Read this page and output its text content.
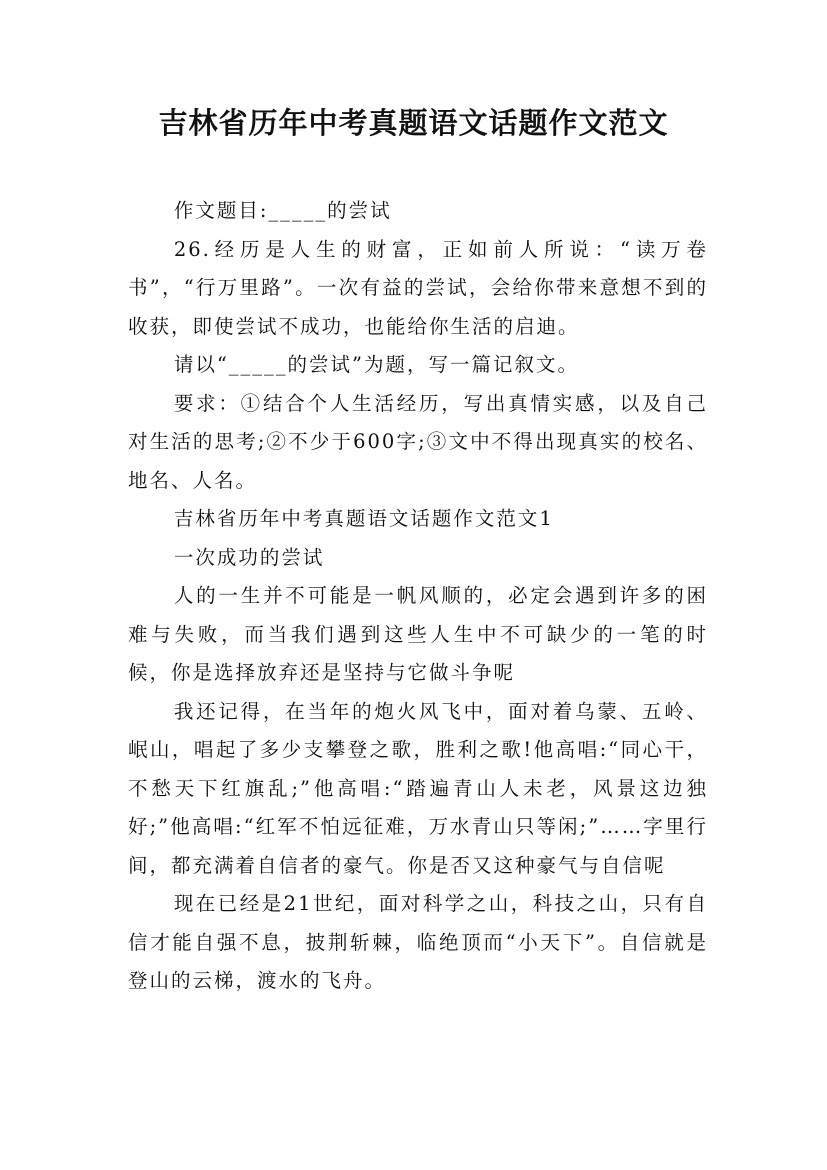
吉林省历年中考真题语文话题作文范文

作文题目:_____的尝试

26.经历是人生的财富，正如前人所说：“读万卷书”，“行万里路”。一次有益的尝试，会给你带来意想不到的收获，即使尝试不成功，也能给你生活的启迪。

请以“_____的尝试”为题，写一篇记叙文。

要求：①结合个人生活经历，写出真情实感，以及自己对生活的思考;②不少于600字;③文中不得出现真实的校名、地名、人名。

吉林省历年中考真题语文话题作文范文1

一次成功的尝试

人的一生并不可能是一帆风顺的，必定会遇到许多的困难与失败，而当我们遇到这些人生中不可缺少的一笔的时候，你是选择放弃还是坚持与它做斗争呢

我还记得，在当年的炮火风飞中，面对着乌蒙、五岭、岷山，唱起了多少支攀登之歌，胜利之歌!他高唱:“同心干，不愁天下红旗乱;”他高唱:“踏遍青山人未老，风景这边独好;”他高唱:“红军不怕远征难，万水青山只等闲;”……字里行间，都充满着自信者的豪气。你是否又这种豪气与自信呢

现在已经是21世纪，面对科学之山，科技之山，只有自信才能自强不息，披荆斩棘，临绝顶而“小天下”。自信就是登山的云梯，渡水的飞舟。
